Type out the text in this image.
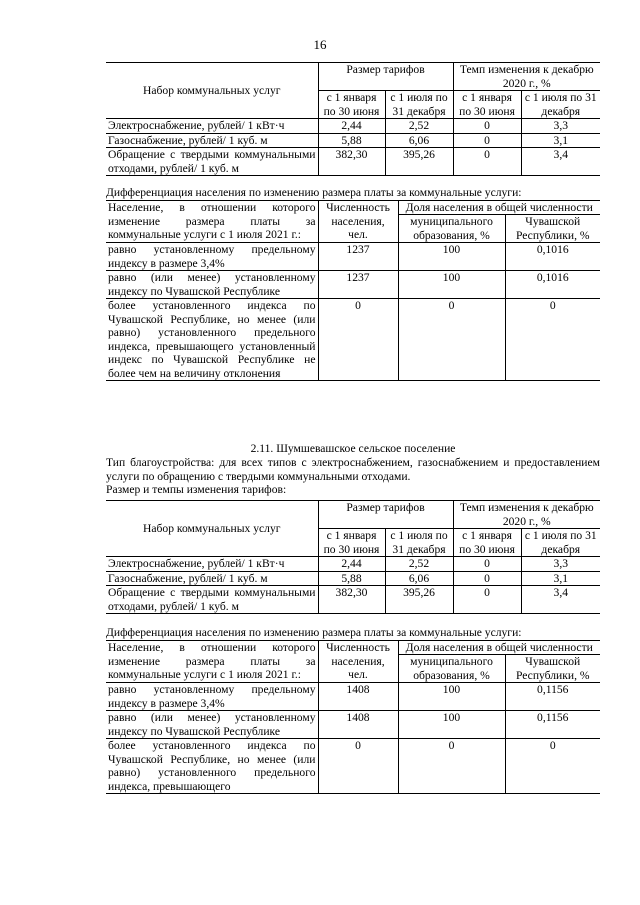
16
Набор коммунальных услуг	Размер тарифов		Темп изменения к декабрю 2020 г., %	
	с 1 января по 30 июня	с 1 июля по 31 декабря	с 1 января по 30 июня	с 1 июля по 31 декабря
Электроснабжение, рублей/ 1 кВт·ч	2,44	2,52	0	3,3
Газоснабжение, рублей/ 1 куб. м	5,88	6,06	0	3,1
Обращение с твердыми коммунальными отходами, рублей/ 1 куб. м	382,30	395,26	0	3,4
Дифференциация населения по изменению размера платы за коммунальные услуги:
Население, в отношении которого изменение размера платы за коммунальные услуги с 1 июля 2021 г.:	Численность населения, чел.	Доля населения в общей численности	
		муниципального образования, %	Чувашской Республики, %
равно установленному предельному индексу в размере 3,4%	1237	100	0,1016
равно (или менее) установленному индексу по Чувашской Республике	1237	100	0,1016
более установленного индекса по Чувашской Республике, но менее (или равно) установленного предельного индекса, превышающего установленный индекс по Чувашской Республике не более чем на величину отклонения	0	0	0
2.11. Шумшевашское сельское поселение
Тип благоустройства: для всех типов с электроснабжением, газоснабжением и предоставлением услуги по обращению с твердыми коммунальными отходами.
Размер и темпы изменения тарифов:
Набор коммунальных услуг	Размер тарифов		Темп изменения к декабрю 2020 г., %	
	с 1 января по 30 июня	с 1 июля по 31 декабря	с 1 января по 30 июня	с 1 июля по 31 декабря
Электроснабжение, рублей/ 1 кВт·ч	2,44	2,52	0	3,3
Газоснабжение, рублей/ 1 куб. м	5,88	6,06	0	3,1
Обращение с твердыми коммунальными отходами, рублей/ 1 куб. м	382,30	395,26	0	3,4
Дифференциация населения по изменению размера платы за коммунальные услуги:
Население, в отношении которого изменение размера платы за коммунальные услуги с 1 июля 2021 г.:	Численность населения, чел.	Доля населения в общей численности	
		муниципального образования, %	Чувашской Республики, %
равно установленному предельному индексу в размере 3,4%	1408	100	0,1156
равно (или менее) установленному индексу по Чувашской Республике	1408	100	0,1156
более установленного индекса по Чувашской Республике, но менее (или равно) установленного предельного индекса, превышающего	0	0	0
